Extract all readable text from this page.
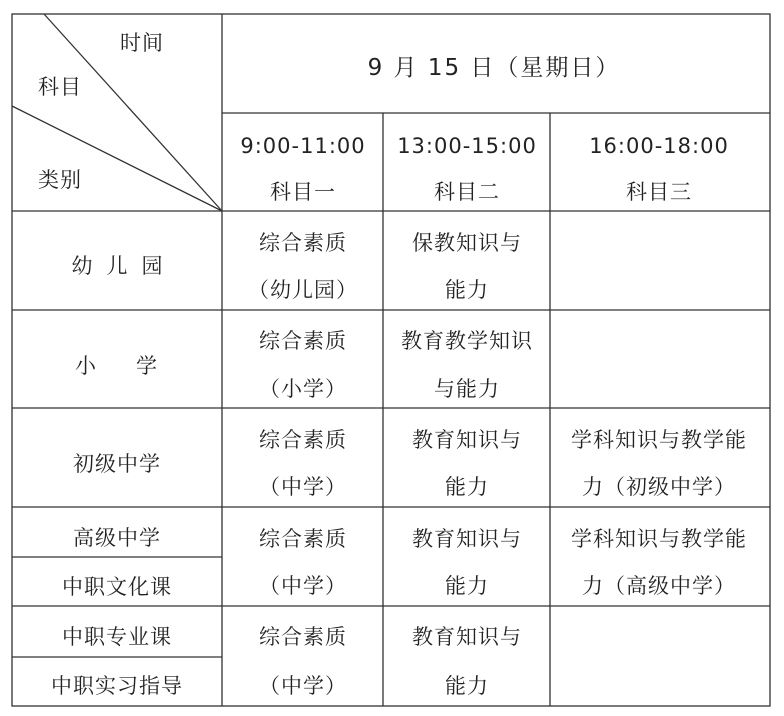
时间
科目
类别
9 月 15 日（星期日）
9:00-11:00
科目一
13:00-15:00
科目二
16:00-18:00
科目三
幼儿园
综合素质
（幼儿园）
保教知识与
能力
小学
综合素质
（小学）
教育教学知识
与能力
初级中学
综合素质
（中学）
教育知识与
能力
学科知识与教学能
力（初级中学）
高级中学
中职文化课
综合素质
（中学）
教育知识与
能力
学科知识与教学能
力（高级中学）
中职专业课
中职实习指导
综合素质
（中学）
教育知识与
能力
